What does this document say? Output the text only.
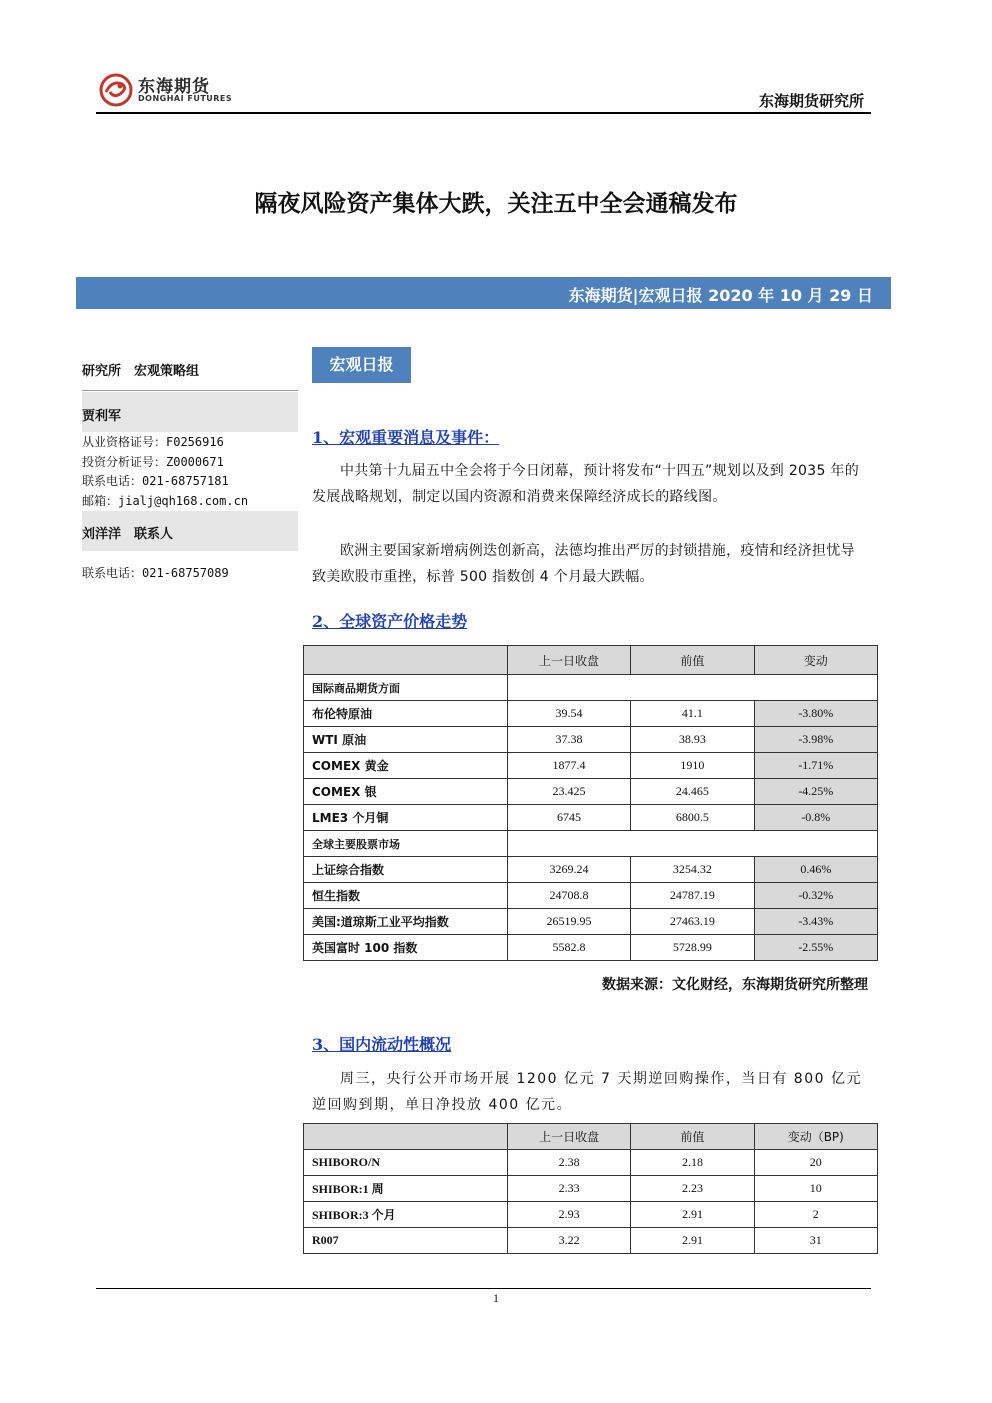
东海期货
DONGHAI FUTURES	东海期货研究所
隔夜风险资产集体大跌，关注五中全会通稿发布
东海期货|宏观日报 2020 年 10 月 29 日
研究所　宏观策略组
贾利军
从业资格证号：F0256916
投资分析证号：Z0000671
联系电话：021-68757181
邮箱：jialj@qh168.com.cn
刘洋洋　联系人
联系电话：021-68757089
宏观日报
1、宏观重要消息及事件：
中共第十九届五中全会将于今日闭幕，预计将发布“十四五”规划以及到 2035 年的发展战略规划，制定以国内资源和消费来保障经济成长的路线图。
欧洲主要国家新增病例迭创新高，法德均推出严厉的封锁措施，疫情和经济担忧导致美欧股市重挫，标普 500 指数创 4 个月最大跌幅。
2、全球资产价格走势
	上一日收盘	前值	变动
国际商品期货方面			
布伦特原油	39.54	41.1	-3.80%
WTI 原油	37.38	38.93	-3.98%
COMEX 黄金	1877.4	1910	-1.71%
COMEX 银	23.425	24.465	-4.25%
LME3 个月铜	6745	6800.5	-0.8%
全球主要股票市场			
上证综合指数	3269.24	3254.32	0.46%
恒生指数	24708.8	24787.19	-0.32%
美国:道琼斯工业平均指数	26519.95	27463.19	-3.43%
英国富时 100 指数	5582.8	5728.99	-2.55%
数据来源：文化财经，东海期货研究所整理
3、国内流动性概况
周三，央行公开市场开展 1200 亿元 7 天期逆回购操作，当日有 800 亿元逆回购到期，单日净投放 400 亿元。
	上一日收盘	前值	变动（BP)
SHIBORO/N	2.38	2.18	20
SHIBOR:1 周	2.33	2.23	10
SHIBOR:3 个月	2.93	2.91	2
R007	3.22	2.91	31
1
